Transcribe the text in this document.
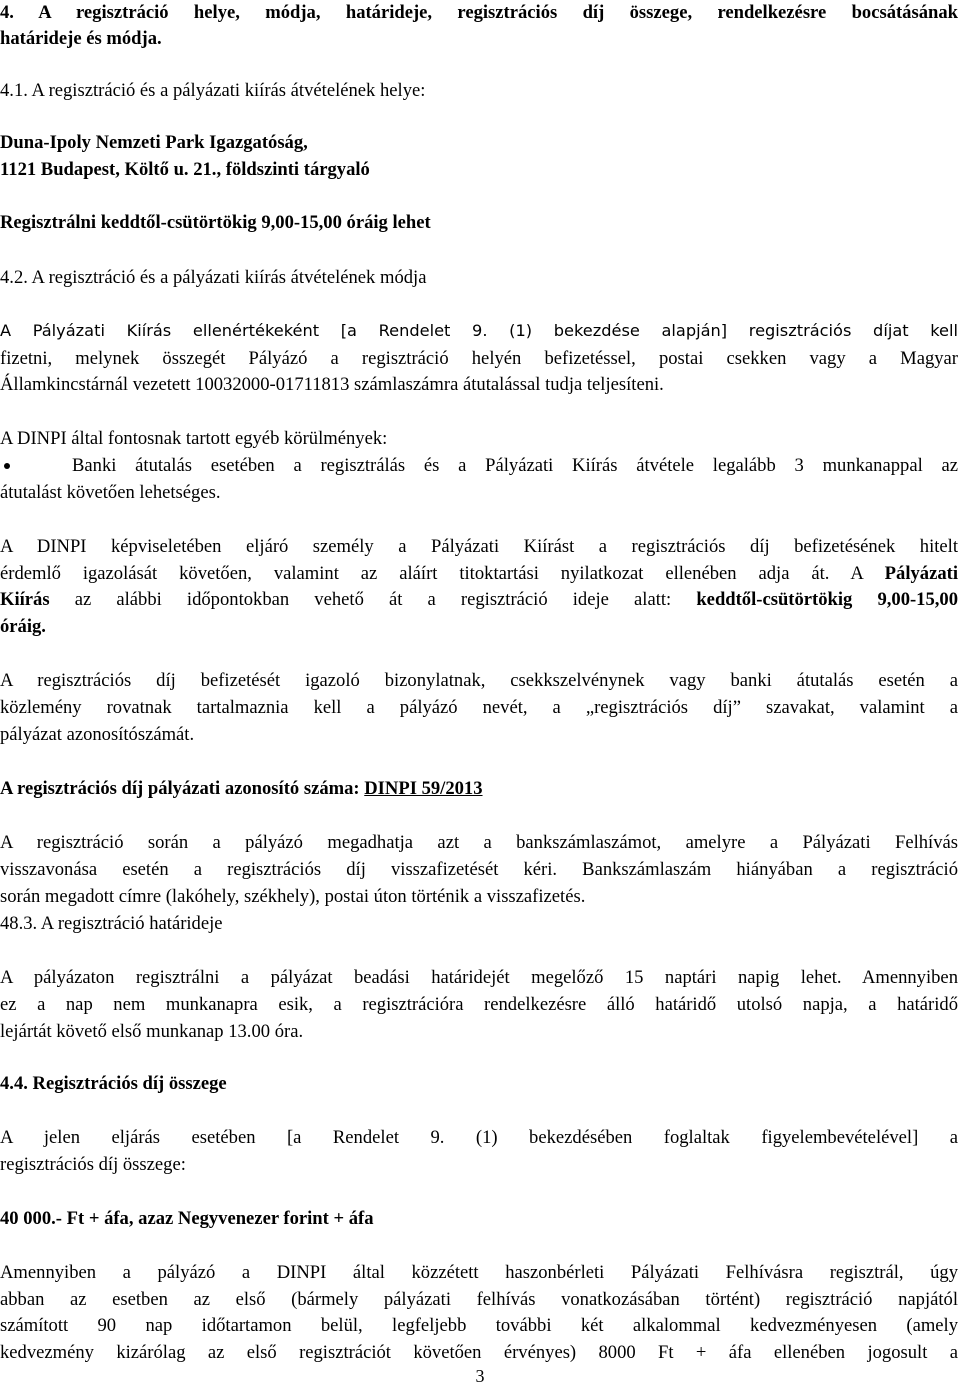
4. A regisztráció helye, módja, határideje, regisztrációs díj összege, rendelkezésre bocsátásának
határideje és módja.
4.1. A regisztráció és a pályázati kiírás átvételének helye:
Duna-Ipoly Nemzeti Park Igazgatóság,
1121 Budapest, Költő u. 21., földszinti tárgyaló
Regisztrálni keddtől-csütörtökig 9,00-15,00 óráig lehet
4.2. A regisztráció és a pályázati kiírás átvételének módja
A Pályázati Kiírás ellenértékeként [a Rendelet 9. (1) bekezdése alapján] regisztrációs díjat kell
fizetni, melynek összegét Pályázó a regisztráció helyén befizetéssel, postai csekken vagy a Magyar
Államkincstárnál vezetett 10032000-01711813 számlaszámra átutalással tudja teljesíteni.
A DINPI által fontosnak tartott egyéb körülmények:
Banki átutalás esetében a regisztrálás és a Pályázati Kiírás átvétele legalább 3 munkanappal az
átutalást követően lehetséges.
A DINPI képviseletében eljáró személy a Pályázati Kiírást a regisztrációs díj befizetésének hitelt
érdemlő igazolását követően, valamint az aláírt titoktartási nyilatkozat ellenében adja át. A Pályázati
Kiírás az alábbi időpontokban vehető át a regisztráció ideje alatt: keddtől-csütörtökig 9,00-15,00
óráig.
A regisztrációs díj befizetését igazoló bizonylatnak, csekkszelvénynek vagy banki átutalás esetén a
közlemény rovatnak tartalmaznia kell a pályázó nevét, a „regisztrációs díj” szavakat, valamint a
pályázat azonosítószámát.
A regisztrációs díj pályázati azonosító száma: DINPI 59/2013
A regisztráció során a pályázó megadhatja azt a bankszámlaszámot, amelyre a Pályázati Felhívás
visszavonása esetén a regisztrációs díj visszafizetését kéri. Bankszámlaszám hiányában a regisztráció
során megadott címre (lakóhely, székhely), postai úton történik a visszafizetés.
48.3. A regisztráció határideje
A pályázaton regisztrálni a pályázat beadási határidejét megelőző 15 naptári napig lehet. Amennyiben
ez a nap nem munkanapra esik, a regisztrációra rendelkezésre álló határidő utolsó napja, a határidő
lejártát követő első munkanap 13.00 óra.
4.4. Regisztrációs díj összege
A jelen eljárás esetében [a Rendelet 9. (1) bekezdésében foglaltak figyelembevételével] a
regisztrációs díj összege:
40 000.- Ft + áfa, azaz Negyvenezer forint + áfa
Amennyiben a pályázó a DINPI által közzétett haszonbérleti Pályázati Felhívásra regisztrál, úgy
abban az esetben az első (bármely pályázati felhívás vonatkozásában történt) regisztráció napjától
számított 90 nap időtartamon belül, legfeljebb további két alkalommal kedvezményesen (amely
kedvezmény kizárólag az első regisztrációt követően érvényes) 8000 Ft + áfa ellenében jogosult a
3
